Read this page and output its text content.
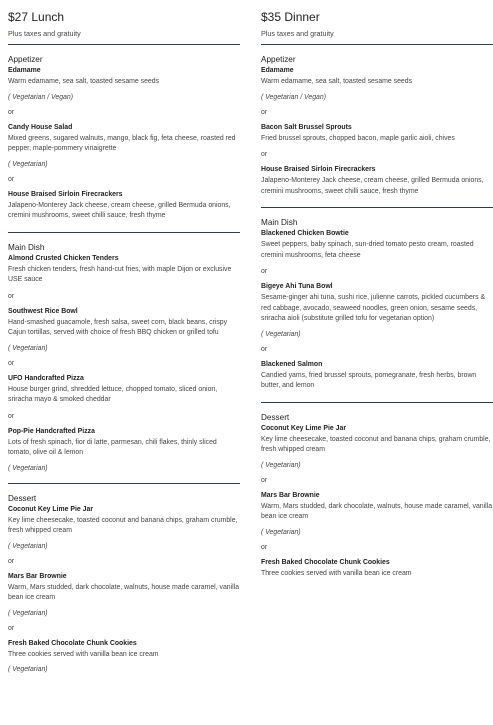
$27 Lunch
Plus taxes and gratuity
Appetizer
Edamame
Warm edamame, sea salt, toasted sesame seeds
( Vegetarian / Vegan)
or
Candy House Salad
Mixed greens, sugared walnuts, mango, black fig, feta cheese, roasted red pepper, maple-pommery vinaigrette
( Vegetarian)
or
House Braised Sirloin Firecrackers
Jalapeno-Monterey Jack cheese, cream cheese, grilled Bermuda onions, cremini mushrooms, sweet chilli sauce, fresh thyme
Main Dish
Almond Crusted Chicken Tenders
Fresh chicken tenders, fresh hand-cut fries, with maple Dijon or exclusive USE sauce
or
Southwest Rice Bowl
Hand-smashed guacamole, fresh salsa, sweet corn, black beans, crispy Cajun tortillas, served with choice of fresh BBQ chicken or grilled tofu
( Vegetarian)
or
UFO Handcrafted Pizza
House burger grind, shredded lettuce, chopped tomato, sliced onion, sriracha mayo & smoked cheddar
or
Pop-Pie Handcrafted Pizza
Lots of fresh spinach, fior di latte, parmesan, chili flakes, thinly sliced tomato, olive oil & lemon
( Vegetarian)
Dessert
Coconut Key Lime Pie Jar
Key lime cheesecake, toasted coconut and banana chips, graham crumble, fresh whipped cream
( Vegetarian)
or
Mars Bar Brownie
Warm, Mars studded, dark chocolate, walnuts, house made caramel, vanilla bean ice cream
( Vegetarian)
or
Fresh Baked Chocolate Chunk Cookies
Three cookies served with vanilla bean ice cream
( Vegetarian)
$35 Dinner
Plus taxes and gratuity
Appetizer
Edamame
Warm edamame, sea salt, toasted sesame seeds
( Vegetarian / Vegan)
or
Bacon Salt Brussel Sprouts
Fried brussel sprouts, chopped bacon, maple garlic aioli, chives
or
House Braised Sirloin Firecrackers
Jalapeno-Monterey Jack cheese, cream cheese, grilled Bermuda onions, cremini mushrooms, sweet chilli sauce, fresh thyme
Main Dish
Blackened Chicken Bowtie
Sweet peppers, baby spinach, sun-dried tomato pesto cream, roasted cremini mushrooms, feta cheese
or
Bigeye Ahi Tuna Bowl
Sesame-ginger ahi tuna, sushi rice, julienne carrots, pickled cucumbers & red cabbage, avocado, seaweed noodles, green onion, sesame seeds, sriracha aioli (substitute grilled tofu for vegetarian option)
( Vegetarian)
or
Blackened Salmon
Candied yams, fried brussel sprouts, pomegranate, fresh herbs, brown butter, and lemon
Dessert
Coconut Key Lime Pie Jar
Key lime cheesecake, toasted coconut and banana chips, graham crumble, fresh whipped cream
( Vegetarian)
or
Mars Bar Brownie
Warm, Mars studded, dark chocolate, walnuts, house made caramel, vanilla bean ice cream
( Vegetarian)
or
Fresh Baked Chocolate Chunk Cookies
Three cookies served with vanilla bean ice cream
